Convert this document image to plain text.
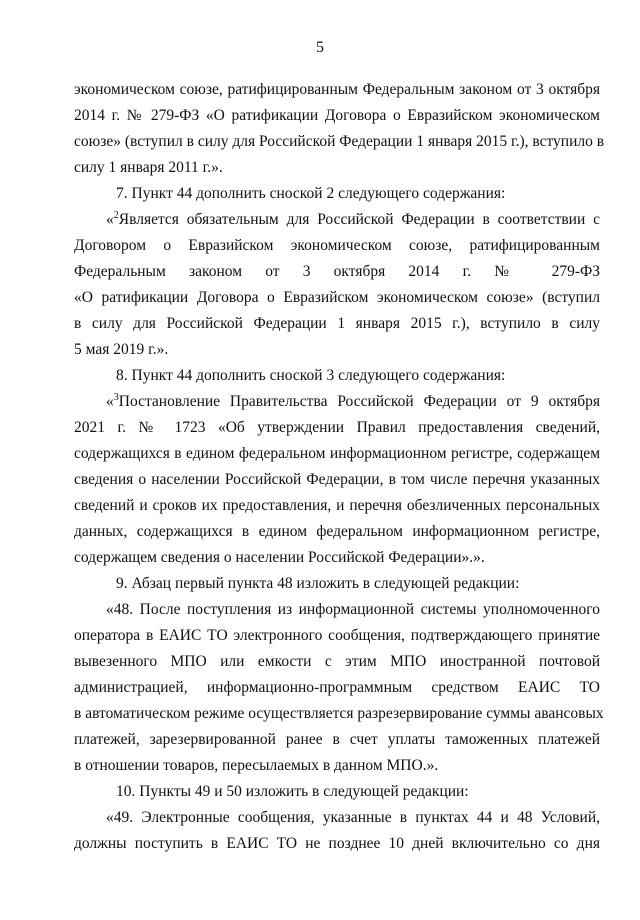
5
экономическом союзе, ратифицированным Федеральным законом от 3 октября
2014 г. № 279-ФЗ «О ратификации Договора о Евразийском экономическом
союзе» (вступил в силу для Российской Федерации 1 января 2015 г.), вступило в
силу 1 января 2011 г.».
7. Пункт 44 дополнить сноской 2 следующего содержания:
«$^2$Является обязательным для Российской Федерации в соответствии с
Договором о Евразийском экономическом союзе, ратифицированным
Федеральным законом от 3 октября 2014 г. № 279-ФЗ
«О ратификации Договора о Евразийском экономическом союзе» (вступил
в силу для Российской Федерации 1 января 2015 г.), вступило в силу
5 мая 2019 г.».
8. Пункт 44 дополнить сноской 3 следующего содержания:
«$^3$Постановление Правительства Российской Федерации от 9 октября
2021 г. № 1723 «Об утверждении Правил предоставления сведений,
содержащихся в едином федеральном информационном регистре, содержащем
сведения о населении Российской Федерации, в том числе перечня указанных
сведений и сроков их предоставления, и перечня обезличенных персональных
данных, содержащихся в едином федеральном информационном регистре,
содержащем сведения о населении Российской Федерации».».
9. Абзац первый пункта 48 изложить в следующей редакции:
«48. После поступления из информационной системы уполномоченного
оператора в ЕАИС ТО электронного сообщения, подтверждающего принятие
вывезенного МПО или емкости с этим МПО иностранной почтовой
администрацией, информационно-программным средством ЕАИС ТО
в автоматическом режиме осуществляется разрезервирование суммы авансовых
платежей, зарезервированной ранее в счет уплаты таможенных платежей
в отношении товаров, пересылаемых в данном МПО.».
10. Пункты 49 и 50 изложить в следующей редакции:
«49. Электронные сообщения, указанные в пунктах 44 и 48 Условий,
должны поступить в ЕАИС ТО не позднее 10 дней включительно со дня
